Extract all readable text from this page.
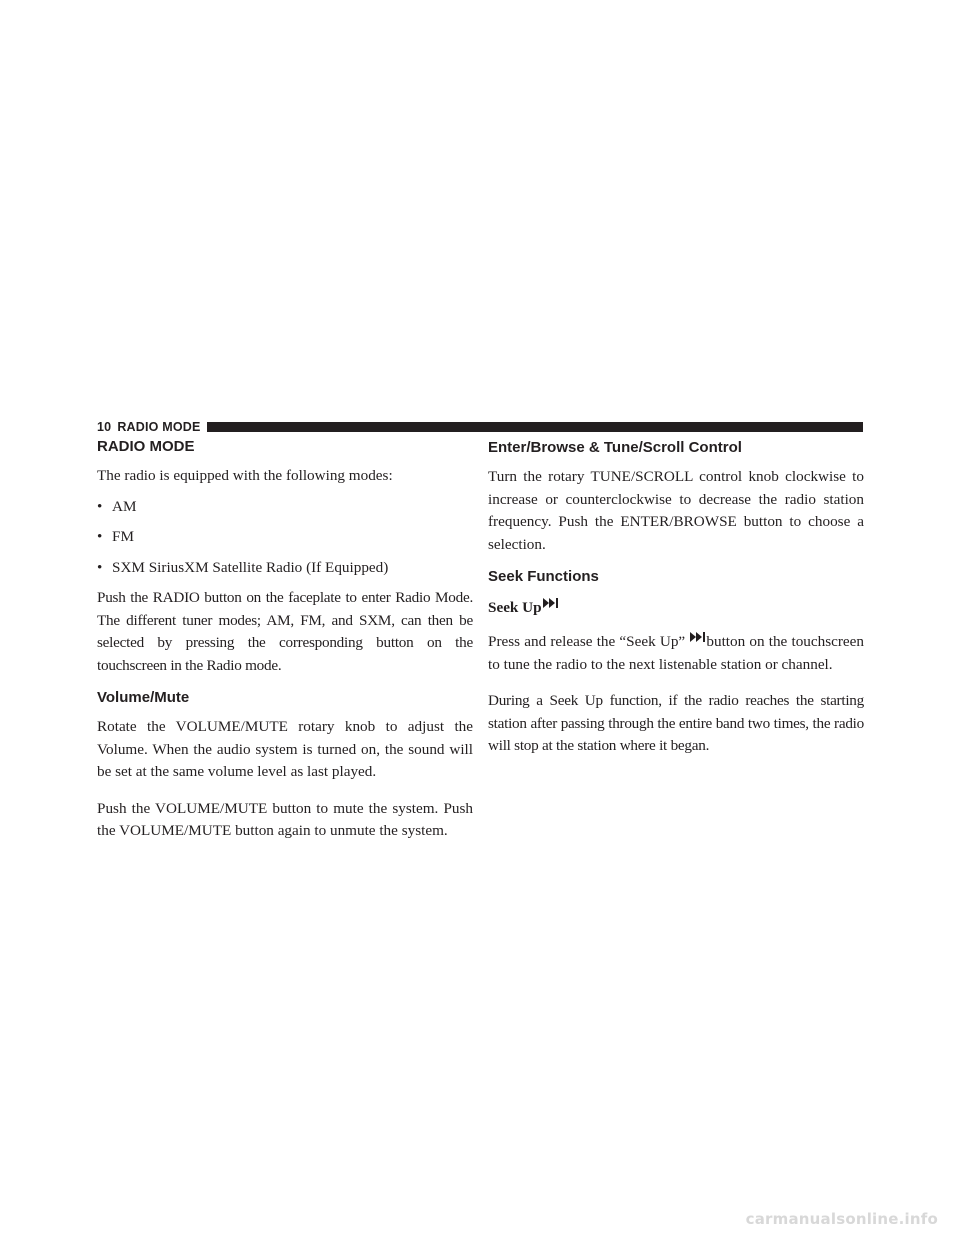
10 RADIO MODE
RADIO MODE

The radio is equipped with the following modes:

• AM
• FM
• SXM SiriusXM Satellite Radio (If Equipped)

Push the RADIO button on the faceplate to enter Radio Mode. The different tuner modes; AM, FM, and SXM, can then be selected by pressing the corresponding button on the touchscreen in the Radio mode.

Volume/Mute

Rotate the VOLUME/MUTE rotary knob to adjust the Volume. When the audio system is turned on, the sound will be set at the same volume level as last played.

Push the VOLUME/MUTE button to mute the system. Push the VOLUME/MUTE button again to unmute the system.

Enter/Browse & Tune/Scroll Control

Turn the rotary TUNE/SCROLL control knob clockwise to increase or counterclockwise to decrease the radio station frequency. Push the ENTER/BROWSE button to choose a selection.

Seek Functions
Seek Up

Press and release the “Seek Up” button on the touchscreen to tune the radio to the next listenable station or channel.

During a Seek Up function, if the radio reaches the starting station after passing through the entire band two times, the radio will stop at the station where it began.

carmanualsonline.info
